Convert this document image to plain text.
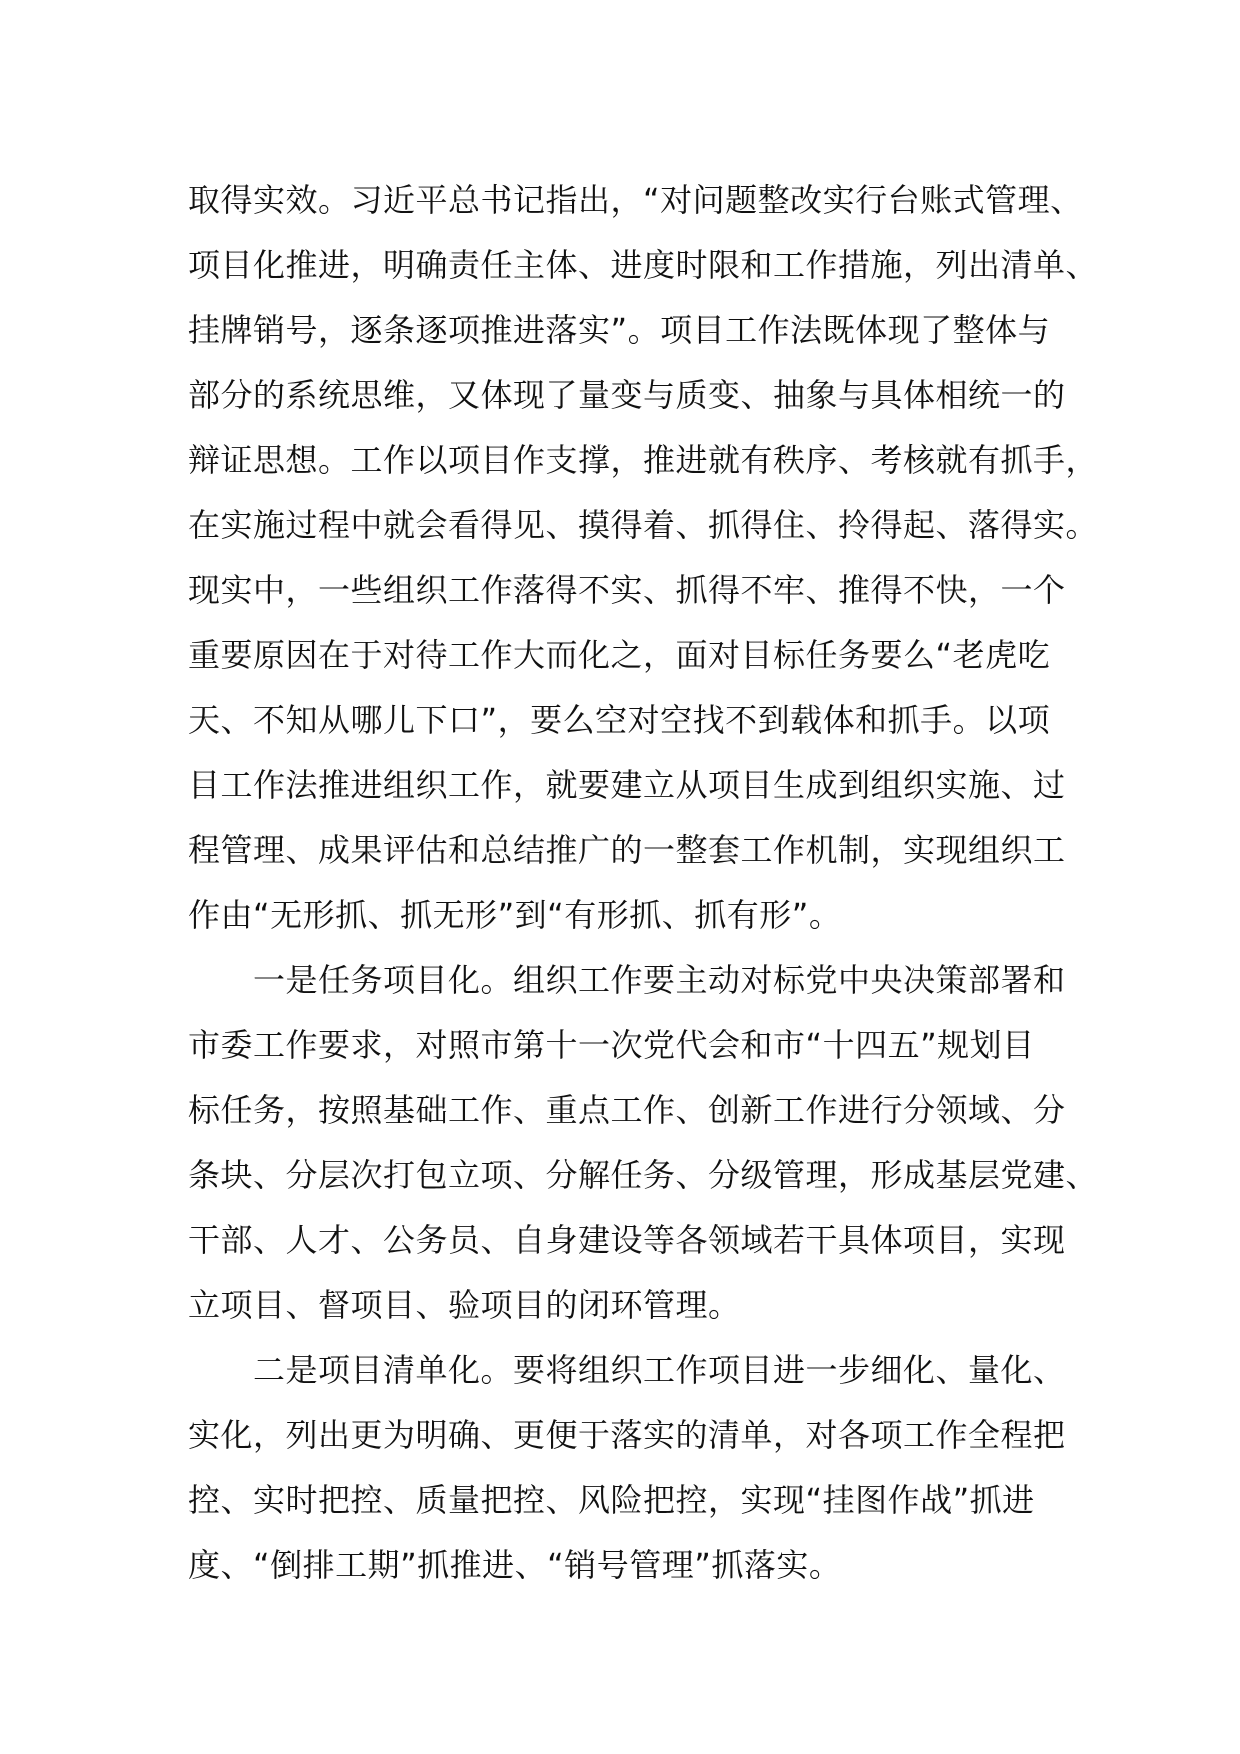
取得实效。习近平总书记指出，“对问题整改实行台账式管理、
项目化推进，明确责任主体、进度时限和工作措施，列出清单、
挂牌销号，逐条逐项推进落实”。项目工作法既体现了整体与
部分的系统思维，又体现了量变与质变、抽象与具体相统一的
辩证思想。工作以项目作支撑，推进就有秩序、考核就有抓手，
在实施过程中就会看得见、摸得着、抓得住、拎得起、落得实。
现实中，一些组织工作落得不实、抓得不牢、推得不快，一个
重要原因在于对待工作大而化之，面对目标任务要么“老虎吃
天、不知从哪儿下口”，要么空对空找不到载体和抓手。以项
目工作法推进组织工作，就要建立从项目生成到组织实施、过
程管理、成果评估和总结推广的一整套工作机制，实现组织工
作由“无形抓、抓无形”到“有形抓、抓有形”。
　　一是任务项目化。组织工作要主动对标党中央决策部署和
市委工作要求，对照市第十一次党代会和市“十四五”规划目
标任务，按照基础工作、重点工作、创新工作进行分领域、分
条块、分层次打包立项、分解任务、分级管理，形成基层党建、
干部、人才、公务员、自身建设等各领域若干具体项目，实现
立项目、督项目、验项目的闭环管理。
　　二是项目清单化。要将组织工作项目进一步细化、量化、
实化，列出更为明确、更便于落实的清单，对各项工作全程把
控、实时把控、质量把控、风险把控，实现“挂图作战”抓进
度、“倒排工期”抓推进、“销号管理”抓落实。
